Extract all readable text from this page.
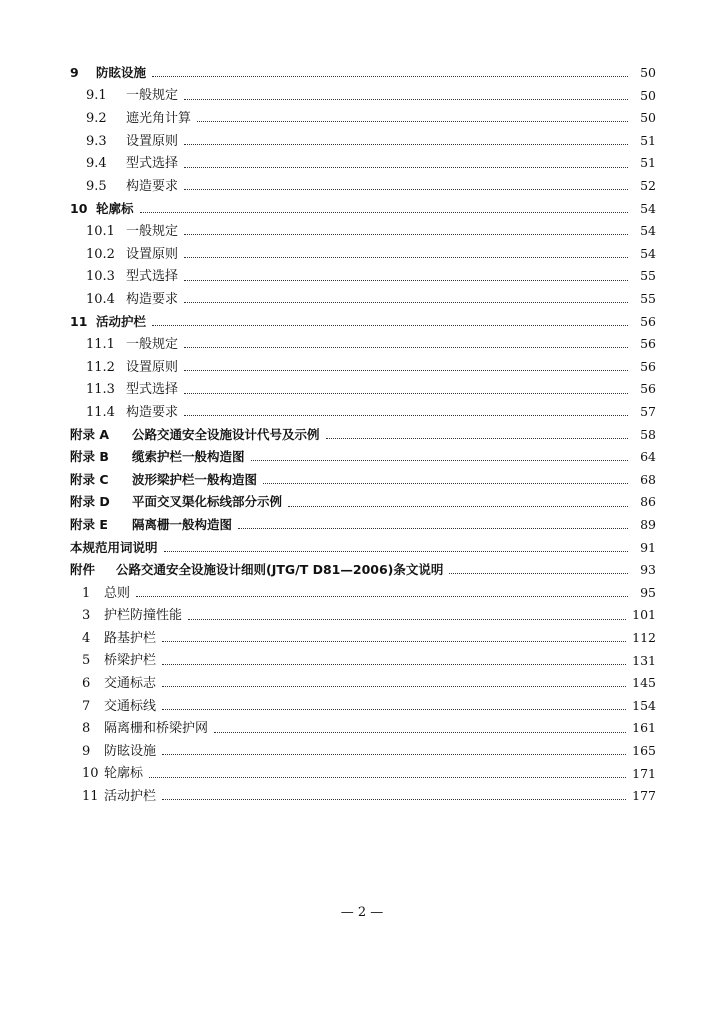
9	防眩设施	50
9.1	一般规定	50
9.2	遮光角计算	50
9.3	设置原则	51
9.4	型式选择	51
9.5	构造要求	52
10 轮廓标	54
10.1 一般规定	54
10.2 设置原则	54
10.3 型式选择	55
10.4 构造要求	55
11 活动护栏	56
11.1 一般规定	56
11.2 设置原则	56
11.3 型式选择	56
11.4 构造要求	57
附录 A	公路交通安全设施设计代号及示例	58
附录 B	缆索护栏一般构造图	64
附录 C	波形梁护栏一般构造图	68
附录 D	平面交叉渠化标线部分示例	86
附录 E	隔离栅一般构造图	89
本规范用词说明	91
附件	公路交通安全设施设计细则(JTG/T D81—2006)条文说明	93
1	总则	95
3	护栏防撞性能	101
4	路基护栏	112
5	桥梁护栏	131
6	交通标志	145
7	交通标线	154
8	隔离栅和桥梁护网	161
9	防眩设施	165
10 轮廓标	171
11 活动护栏	177
— 2 —
